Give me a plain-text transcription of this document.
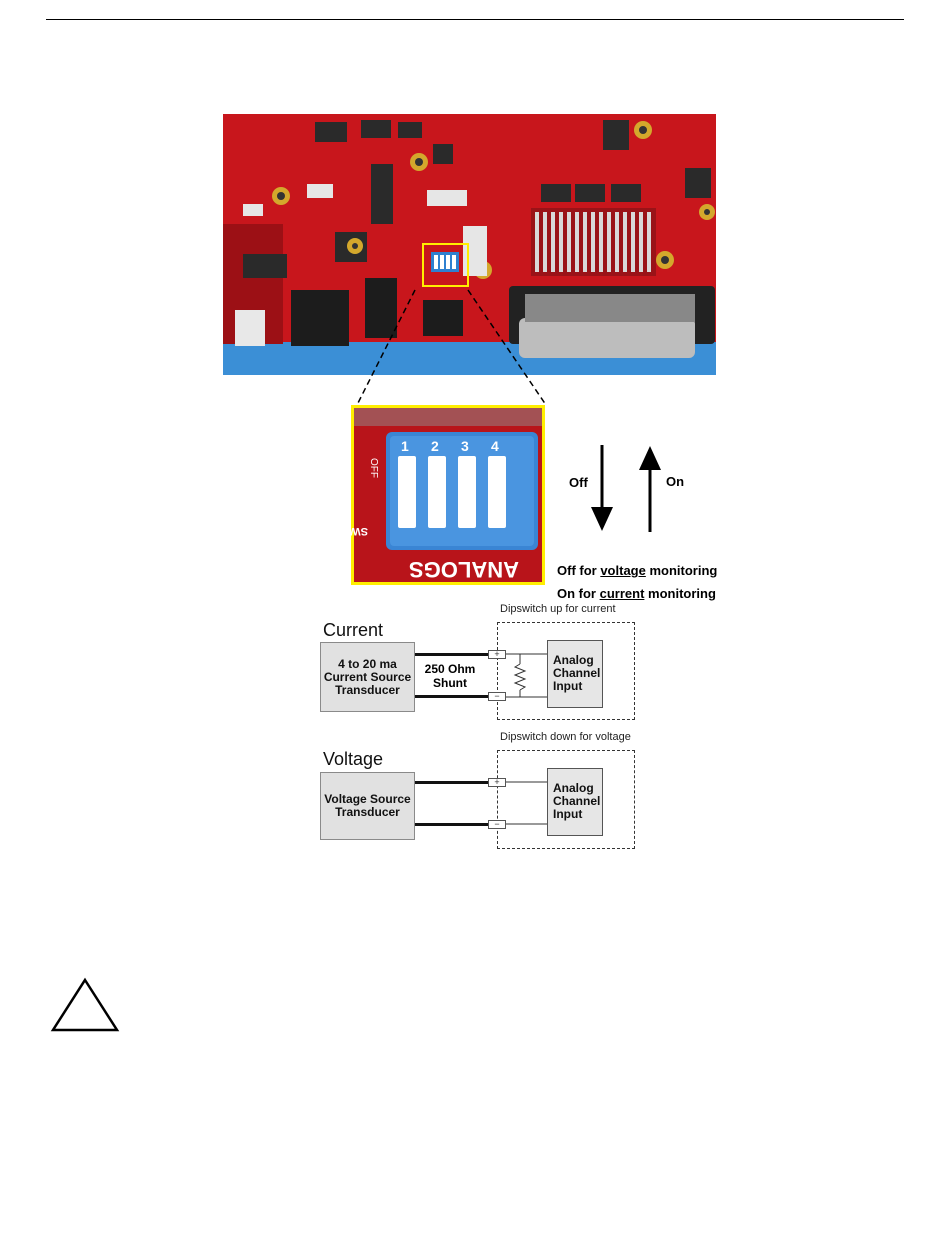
1 2 3 4
OFF
SW4
ANALOGS
Off	On
Off for voltage monitoring
On for current monitoring
Dipswitch up for current
Current
4 to 20 ma
Current Source
Transducer
250 Ohm
Shunt
+
−
Analog
Channel
Input
Dipswitch down for voltage
Voltage
Voltage Source
Transducer
+
−
Analog
Channel
Input
